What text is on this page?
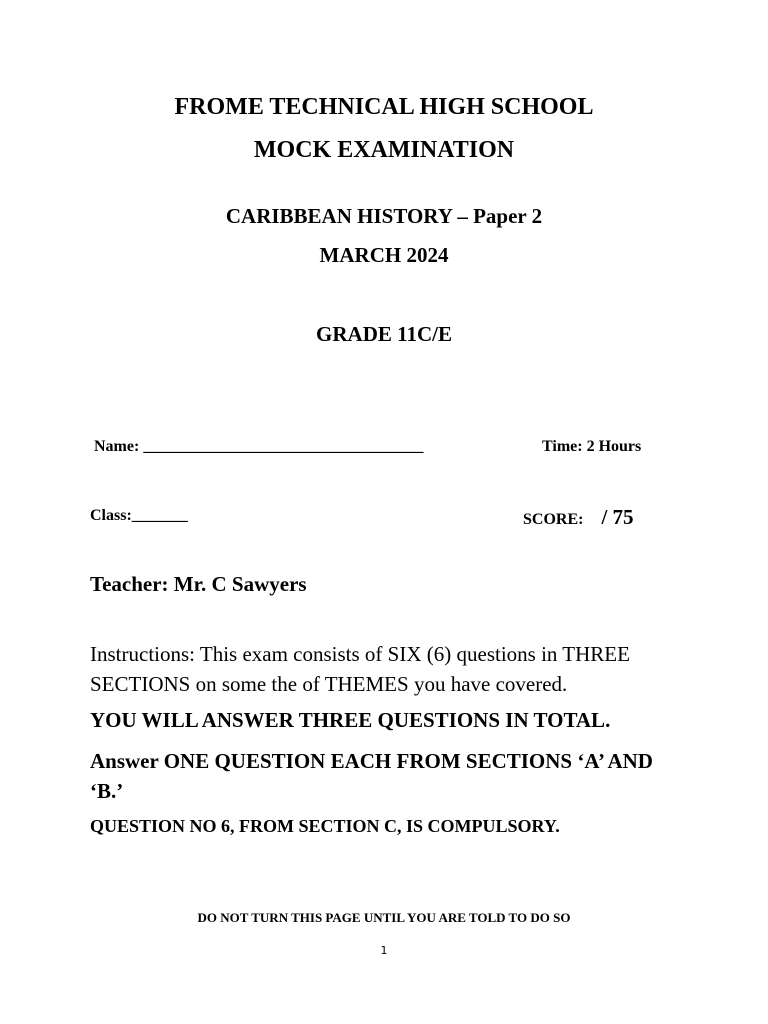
FROME TECHNICAL HIGH SCHOOL
MOCK EXAMINATION
CARIBBEAN HISTORY – Paper 2
MARCH 2024
GRADE 11C/E
Name: ___________________________________	Time: 2 Hours
Class:_______	SCORE: / 75
Teacher: Mr. C Sawyers
Instructions: This exam consists of SIX (6) questions in THREE SECTIONS on some the of THEMES you have covered.
YOU WILL ANSWER THREE QUESTIONS IN TOTAL.
Answer ONE QUESTION EACH FROM SECTIONS ‘A’ AND ‘B.’
QUESTION NO 6, FROM SECTION C, IS COMPULSORY.
DO NOT TURN THIS PAGE UNTIL YOU ARE TOLD TO DO SO
1
